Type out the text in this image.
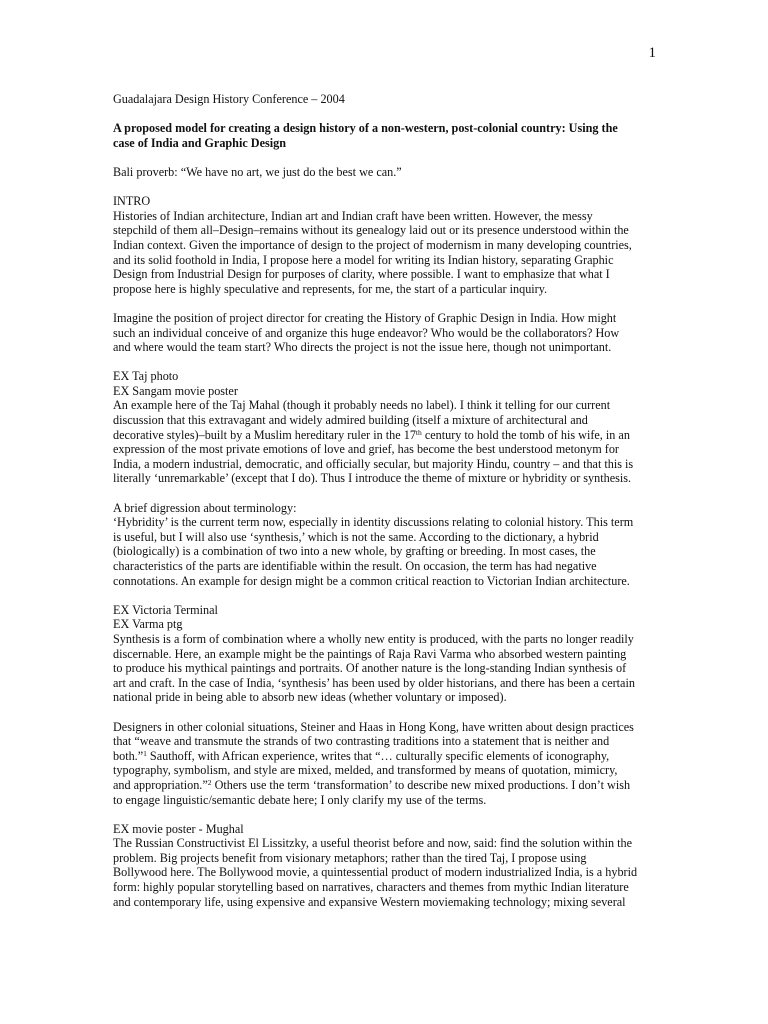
1
Guadalajara Design History Conference – 2004
A proposed model for creating a design history of a non-western, post-colonial country: Using the
case of India and Graphic Design
Bali proverb: “We have no art, we just do the best we can.”
INTRO
Histories of Indian architecture, Indian art and Indian craft have been written. However, the messy
stepchild of them all–Design–remains without its genealogy laid out or its presence understood within the
Indian context. Given the importance of design to the project of modernism in many developing countries,
and its solid foothold in India, I propose here a model for writing its Indian history, separating Graphic
Design from Industrial Design for purposes of clarity, where possible. I want to emphasize that what I
propose here is highly speculative and represents, for me, the start of a particular inquiry.
Imagine the position of project director for creating the History of Graphic Design in India. How might
such an individual conceive of and organize this huge endeavor? Who would be the collaborators? How
and where would the team start? Who directs the project is not the issue here, though not unimportant.
EX Taj photo
EX Sangam movie poster
An example here of the Taj Mahal (though it probably needs no label). I think it telling for our current
discussion that this extravagant and widely admired building (itself a mixture of architectural and
decorative styles)–built by a Muslim hereditary ruler in the 17th century to hold the tomb of his wife, in an
expression of the most private emotions of love and grief, has become the best understood metonym for
India, a modern industrial, democratic, and officially secular, but majority Hindu, country – and that this is
literally ‘unremarkable’ (except that I do). Thus I introduce the theme of mixture or hybridity or synthesis.
A brief digression about terminology:
‘Hybridity’ is the current term now, especially in identity discussions relating to colonial history. This term
is useful, but I will also use ‘synthesis,’ which is not the same. According to the dictionary, a hybrid
(biologically) is a combination of two into a new whole, by grafting or breeding. In most cases, the
characteristics of the parts are identifiable within the result. On occasion, the term has had negative
connotations. An example for design might be a common critical reaction to Victorian Indian architecture.
EX Victoria Terminal
EX Varma ptg
Synthesis is a form of combination where a wholly new entity is produced, with the parts no longer readily
discernable. Here, an example might be the paintings of Raja Ravi Varma who absorbed western painting
to produce his mythical paintings and portraits. Of another nature is the long-standing Indian synthesis of
art and craft. In the case of India, ‘synthesis’ has been used by older historians, and there has been a certain
national pride in being able to absorb new ideas (whether voluntary or imposed).
Designers in other colonial situations, Steiner and Haas in Hong Kong, have written about design practices
that “weave and transmute the strands of two contrasting traditions into a statement that is neither and
both.”$^1$ Sauthoff, with African experience, writes that “… culturally specific elements of iconography,
typography, symbolism, and style are mixed, melded, and transformed by means of quotation, mimicry,
and appropriation.”$^2$ Others use the term ‘transformation’ to describe new mixed productions. I don’t wish
to engage linguistic/semantic debate here; I only clarify my use of the terms.
EX movie poster - Mughal
The Russian Constructivist El Lissitzky, a useful theorist before and now, said: find the solution within the
problem. Big projects benefit from visionary metaphors; rather than the tired Taj, I propose using
Bollywood here. The Bollywood movie, a quintessential product of modern industrialized India, is a hybrid
form: highly popular storytelling based on narratives, characters and themes from mythic Indian literature
and contemporary life, using expensive and expansive Western moviemaking technology; mixing several
